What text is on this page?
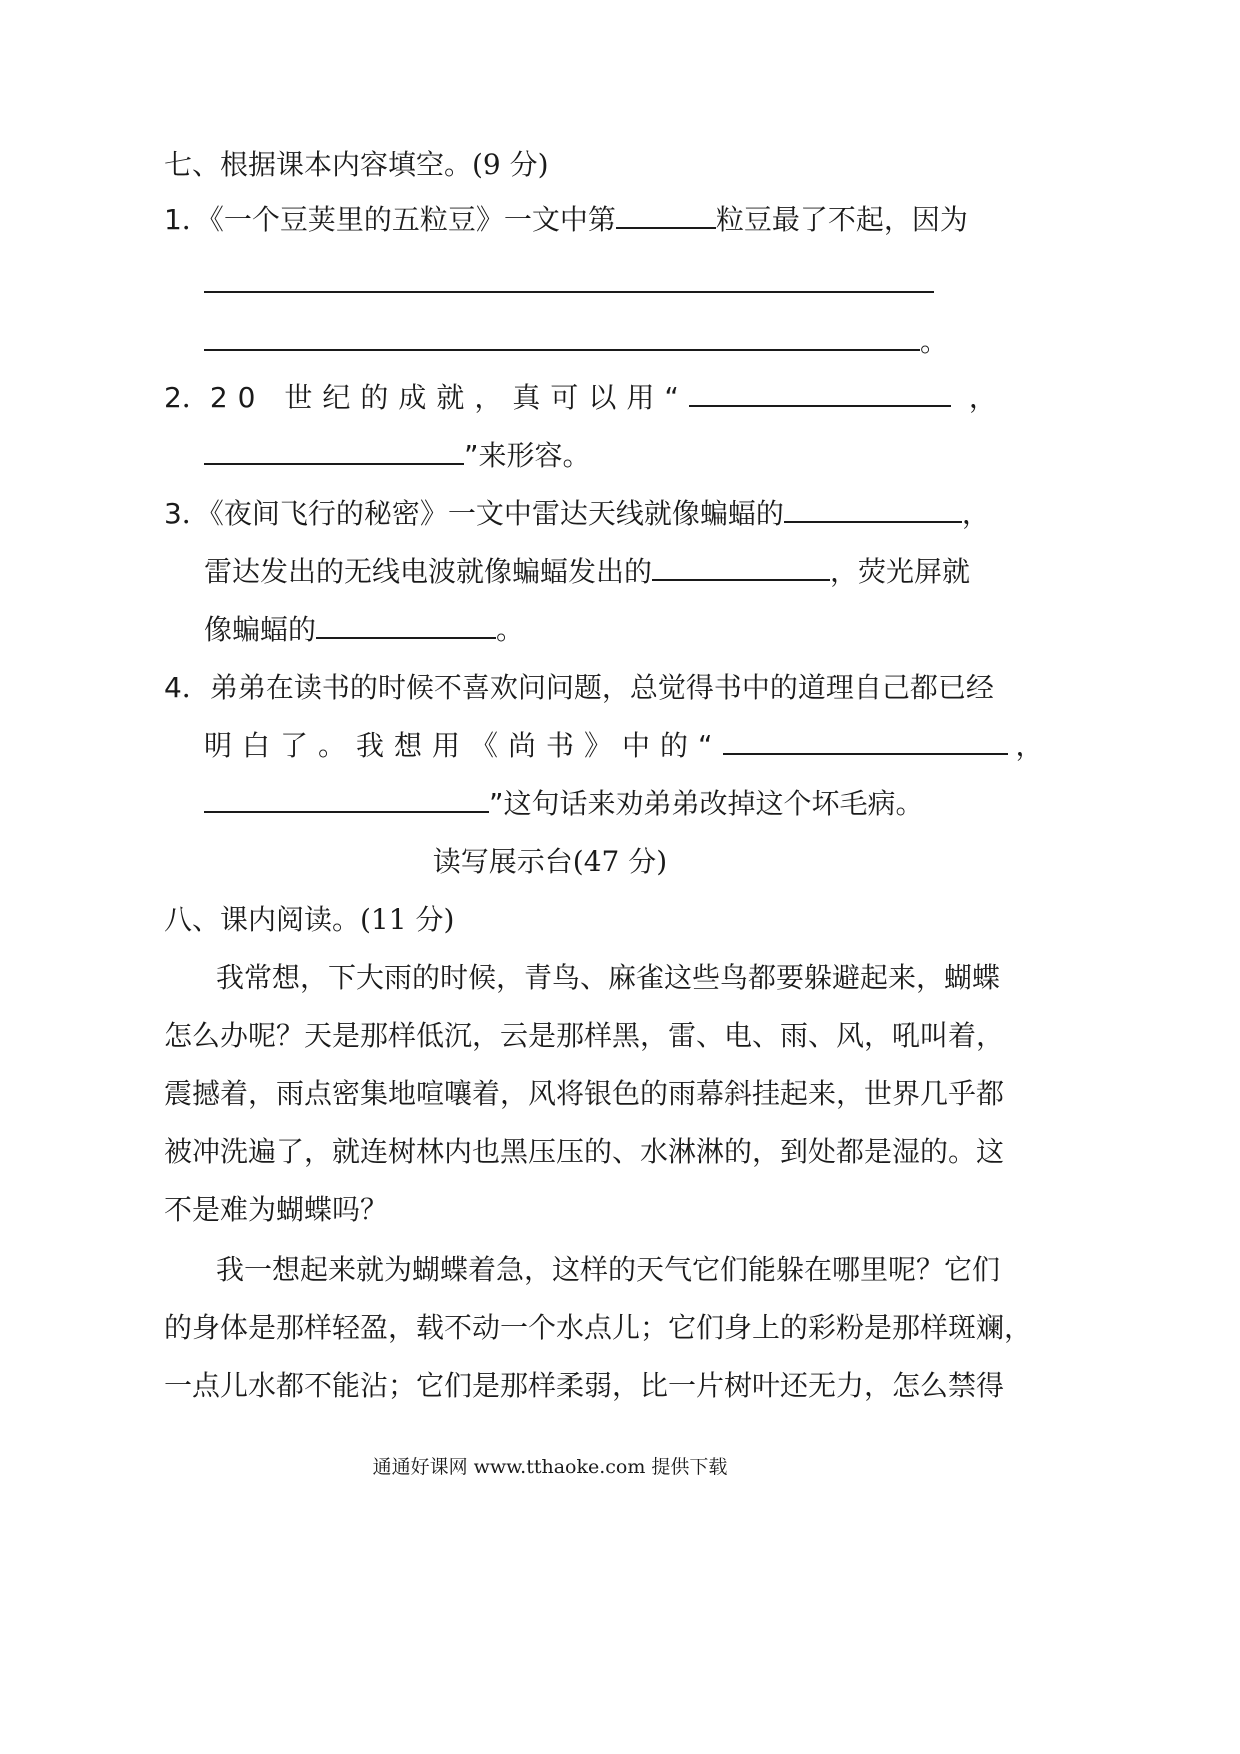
七、根据课本内容填空。(9 分)
1．《一个豆荚里的五粒豆》一文中第	粒豆最了不起，因为
。
2．20 世纪的成就，真可以用“	，
”来形容。
3．《夜间飞行的秘密》一文中雷达天线就像蝙蝠的	，
雷达发出的无线电波就像蝙蝠发出的	，荧光屏就
像蝙蝠的	。
4．弟弟在读书的时候不喜欢问问题，总觉得书中的道理自己都已经
明白了。我想用《尚书》中的“	，
”这句话来劝弟弟改掉这个坏毛病。
读写展示台(47 分)
八、课内阅读。(11 分)
我常想，下大雨的时候，青鸟、麻雀这些鸟都要躲避起来，蝴蝶
怎么办呢？天是那样低沉，云是那样黑，雷、电、雨、风，吼叫着，
震撼着，雨点密集地喧嚷着，风将银色的雨幕斜挂起来，世界几乎都
被冲洗遍了，就连树林内也黑压压的、水淋淋的，到处都是湿的。这
不是难为蝴蝶吗？
我一想起来就为蝴蝶着急，这样的天气它们能躲在哪里呢？它们
的身体是那样轻盈，载不动一个水点儿；它们身上的彩粉是那样斑斓，
一点儿水都不能沾；它们是那样柔弱，比一片树叶还无力，怎么禁得
通通好课网 www.tthaoke.com 提供下载
